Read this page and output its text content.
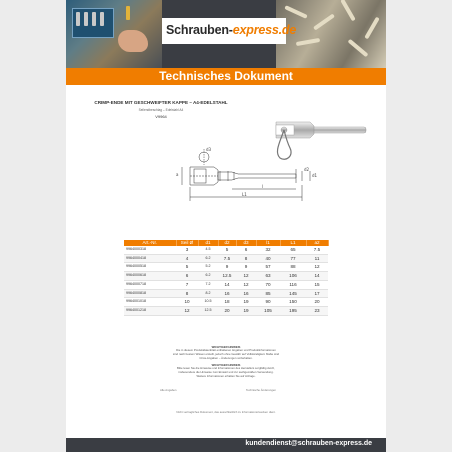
Schrauben-express.de
Technisches Dokument
CRIMP-ENDE MIT GESCHWEIFTER KAPPE – A4-EDELSTAHL
Seilendbeschlag – Edelstahl A4
V9964
d3
a	d1
d2
l
L1
Art.-Nr.	Seil Ø	d1	d2	d3	l1	L1	a2
9964000318	3	4.5	5	6	32	65	7.5
9964000418	4	6.2	7.5	8	40	77	11
9964000518	5	5.2	9	9	57	88	12
9964000618	6	6.2	12.5	12	63	106	14
9964000718	7	7.2	14	12	70	116	15
9964000818	8	8.2	16	16	85	145	17
9964001018	10	10.5	18	19	90	150	20
9964001218	12	12.5	20	19	105	195	23
WICHTIGER HINWEIS
Die in diesem Produktdatenblatt enthaltenen Angaben und Produktinformationen
sind nach bestem Wissen erstellt, jedoch ohne Gewähr auf Vollständigkeit. Maße sind
Circa-Angaben – Änderungen vorbehalten.
WICHTIGER HINWEIS
Bitte lesen Sie die Hinweise und Informationen des Herstellers sorgfältig durch,
insbesondere die Hinweise zum Einsatz und zur sachgemäßen Verwendung.
Weitere Informationen erhalten Sie auf Anfrage.
Alle Angaben	Technische Änderungen
Nicht vertragliches Dokument, das ausschließlich zu Informationszwecken dient.
kundendienst@schrauben-express.de
